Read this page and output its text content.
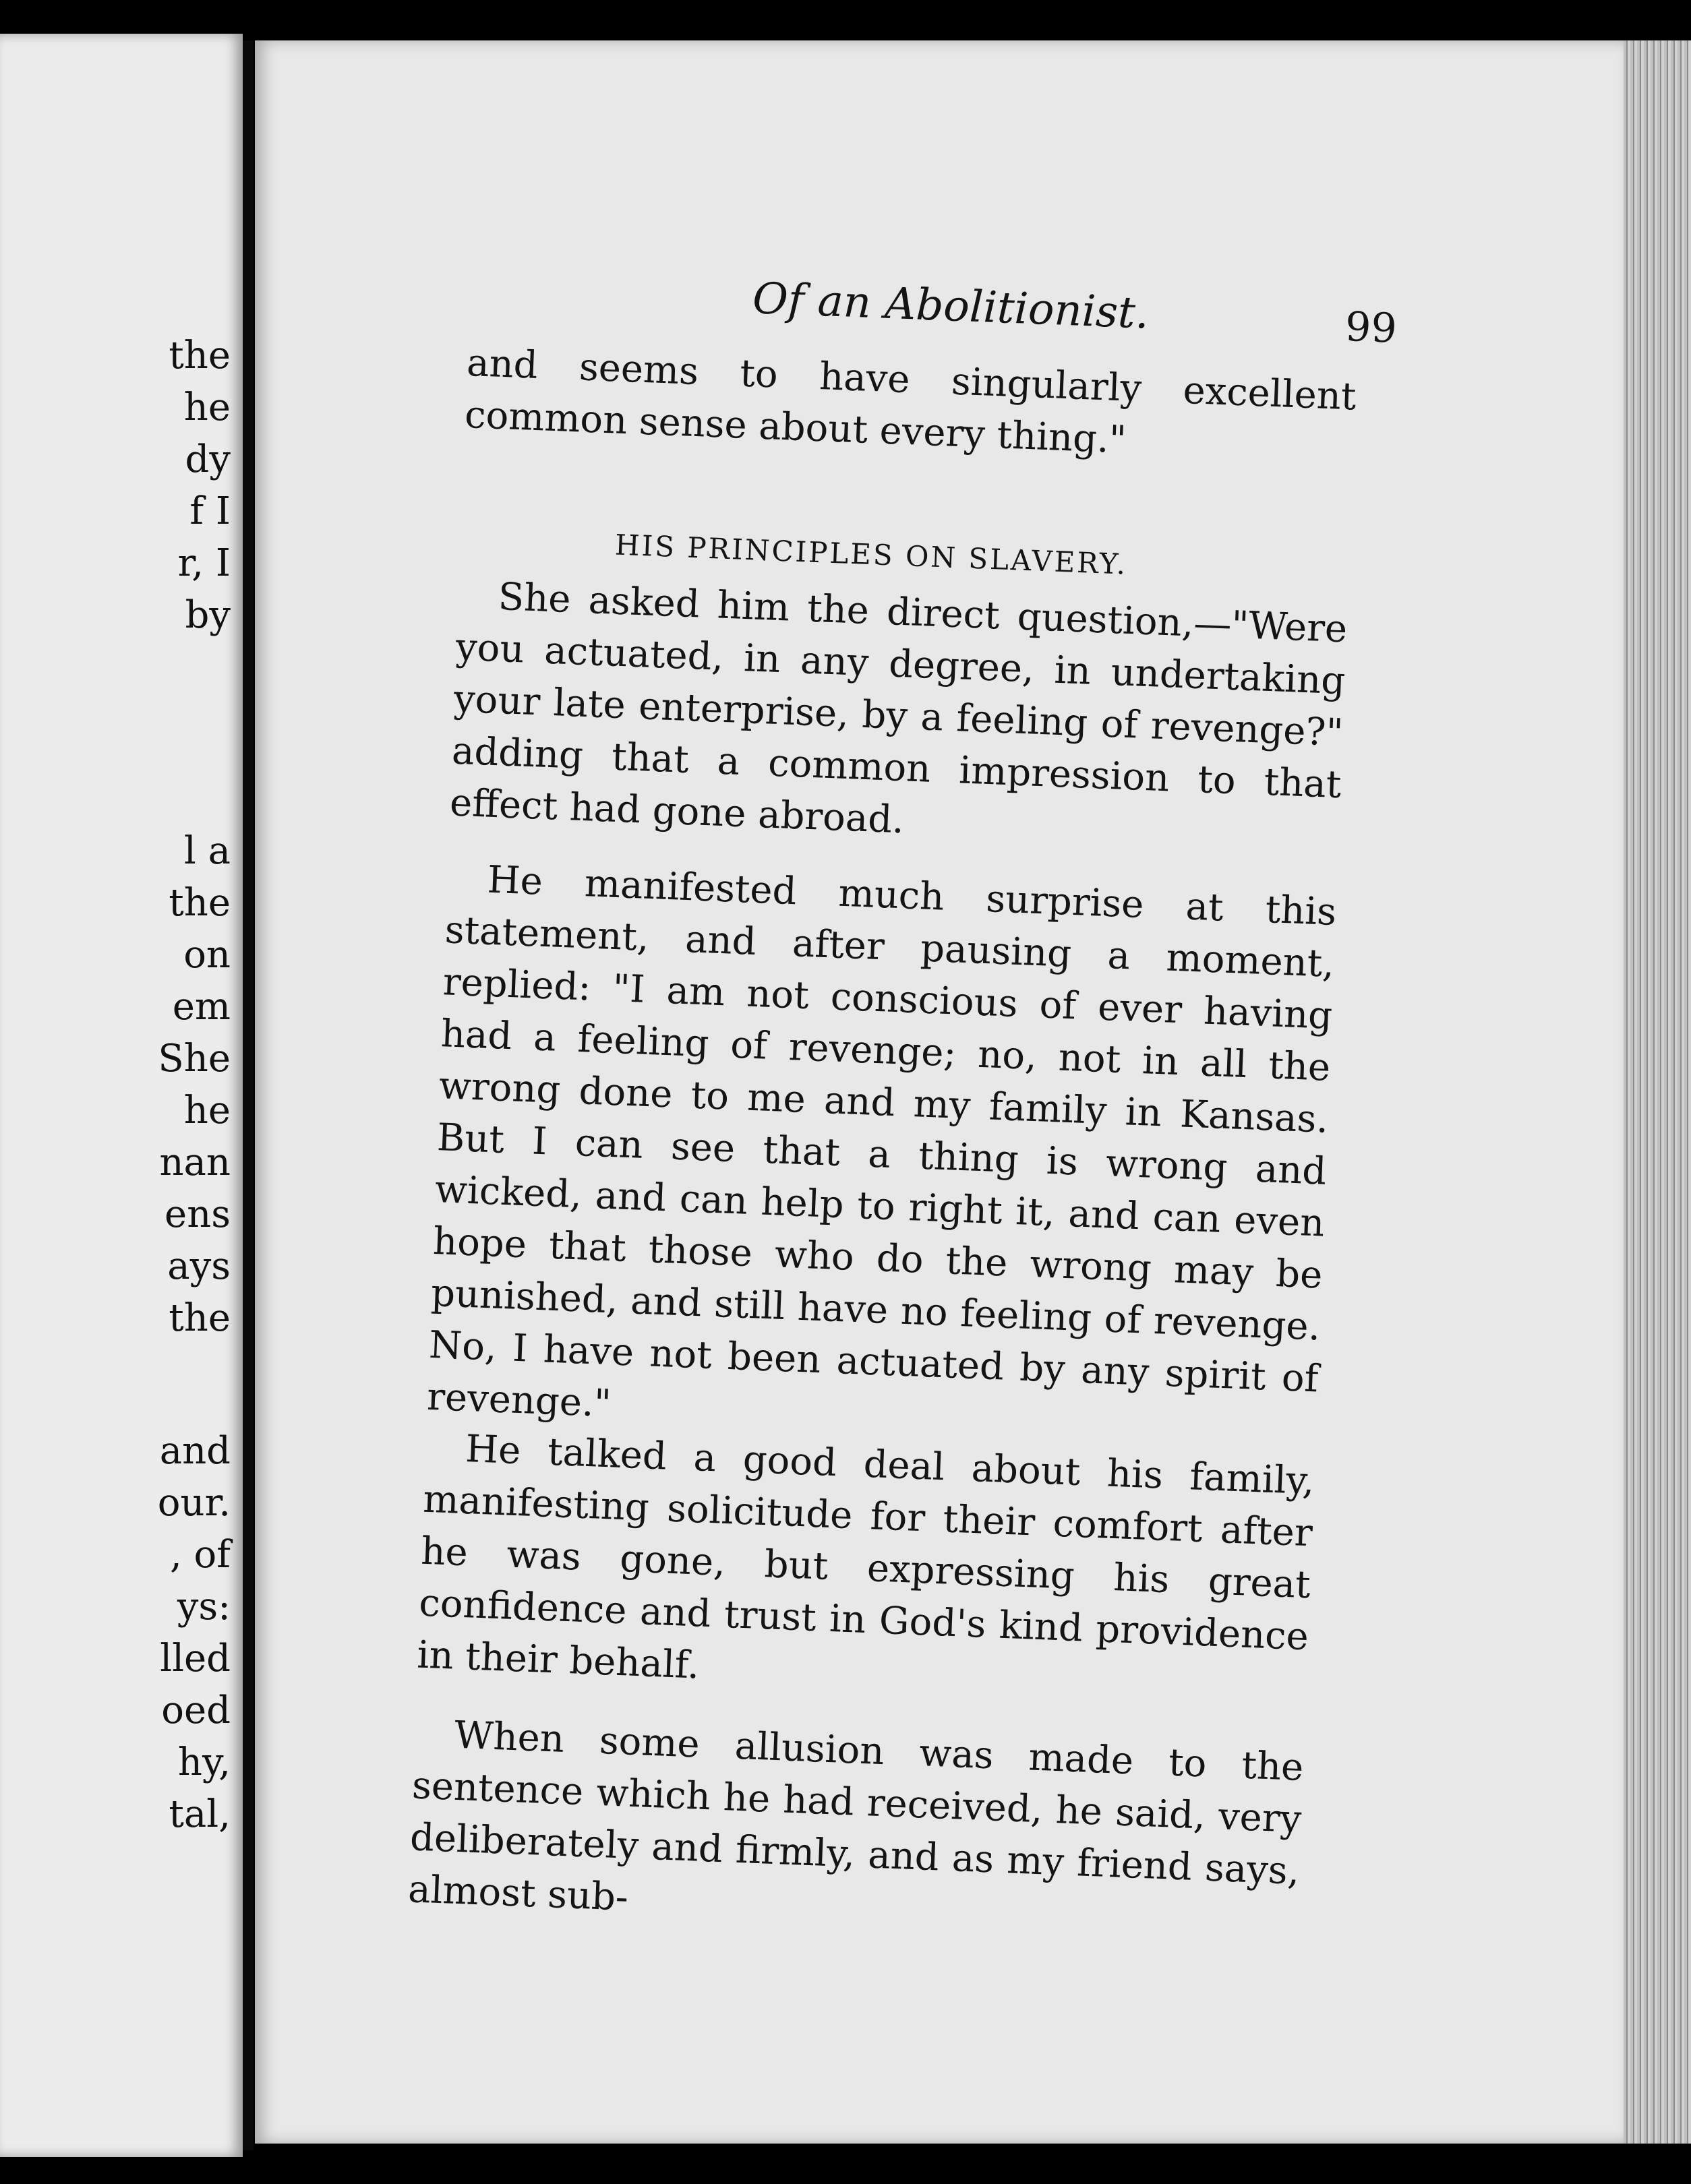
the

he

dy

f I

r, I

by

l a

the

on

em

She

he

nan

ens

ays

the

and

our.

, of

ys:

lled

oed

hy,

tal,

Of an Abolitionist.	99

and seems to have singularly excellent common sense about every thing."

HIS PRINCIPLES ON SLAVERY.

She asked him the direct question,—"Were you actuated, in any degree, in undertaking your late enterprise, by a feeling of revenge?" adding that a common impression to that effect had gone abroad.

He manifested much surprise at this statement, and after pausing a moment, replied: "I am not conscious of ever having had a feeling of revenge; no, not in all the wrong done to me and my family in Kansas. But I can see that a thing is wrong and wicked, and can help to right it, and can even hope that those who do the wrong may be punished, and still have no feeling of revenge. No, I have not been actuated by any spirit of revenge."

He talked a good deal about his family, manifesting solicitude for their comfort after he was gone, but expressing his great confidence and trust in God's kind providence in their behalf.

When some allusion was made to the sentence which he had received, he said, very deliberately and firmly, and as my friend says, almost sub-
